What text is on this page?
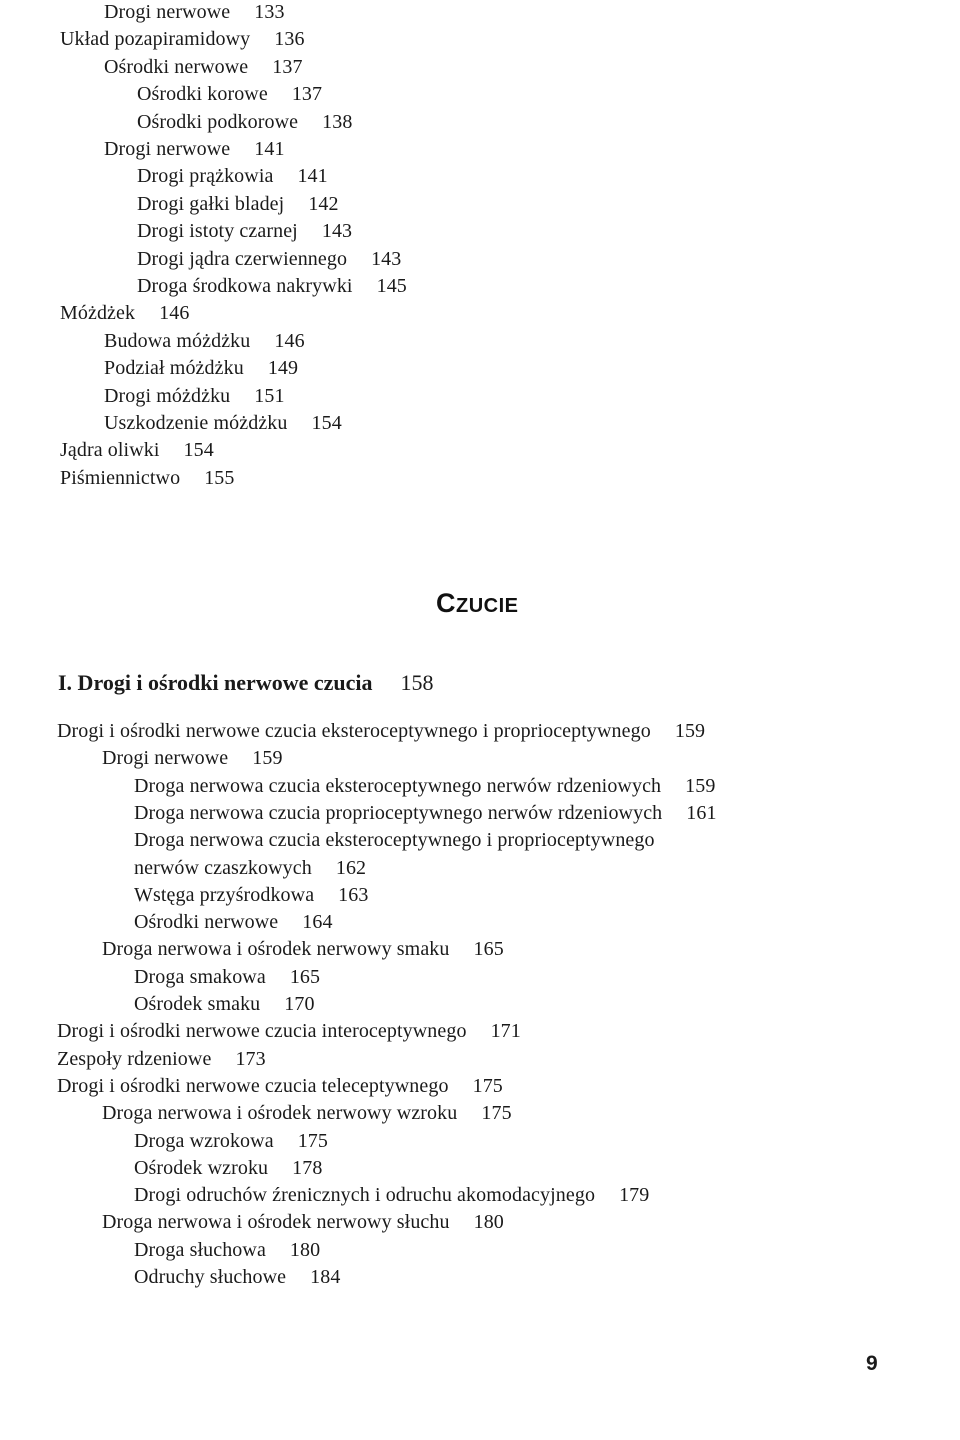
Drogi nerwowe 133
Układ pozapiramidowy 136
Ośrodki nerwowe 137
Ośrodki korowe 137
Ośrodki podkorowe 138
Drogi nerwowe 141
Drogi prążkowia 141
Drogi gałki bladej 142
Drogi istoty czarnej 143
Drogi jądra czerwiennego 143
Droga środkowa nakrywki 145
Móżdżek 146
Budowa móżdżku 146
Podział móżdżku 149
Drogi móżdżku 151
Uszkodzenie móżdżku 154
Jądra oliwki 154
Piśmiennictwo 155
CZUCIE
I. Drogi i ośrodki nerwowe czucia 158
Drogi i ośrodki nerwowe czucia eksteroceptywnego i proprioceptywnego 159
Drogi nerwowe 159
Droga nerwowa czucia eksteroceptywnego nerwów rdzeniowych 159
Droga nerwowa czucia proprioceptywnego nerwów rdzeniowych 161
Droga nerwowa czucia eksteroceptywnego i proprioceptywnego
nerwów czaszkowych 162
Wstęga przyśrodkowa 163
Ośrodki nerwowe 164
Droga nerwowa i ośrodek nerwowy smaku 165
Droga smakowa 165
Ośrodek smaku 170
Drogi i ośrodki nerwowe czucia interoceptywnego 171
Zespoły rdzeniowe 173
Drogi i ośrodki nerwowe czucia teleceptywnego 175
Droga nerwowa i ośrodek nerwowy wzroku 175
Droga wzrokowa 175
Ośrodek wzroku 178
Drogi odruchów źrenicznych i odruchu akomodacyjnego 179
Droga nerwowa i ośrodek nerwowy słuchu 180
Droga słuchowa 180
Odruchy słuchowe 184
9
